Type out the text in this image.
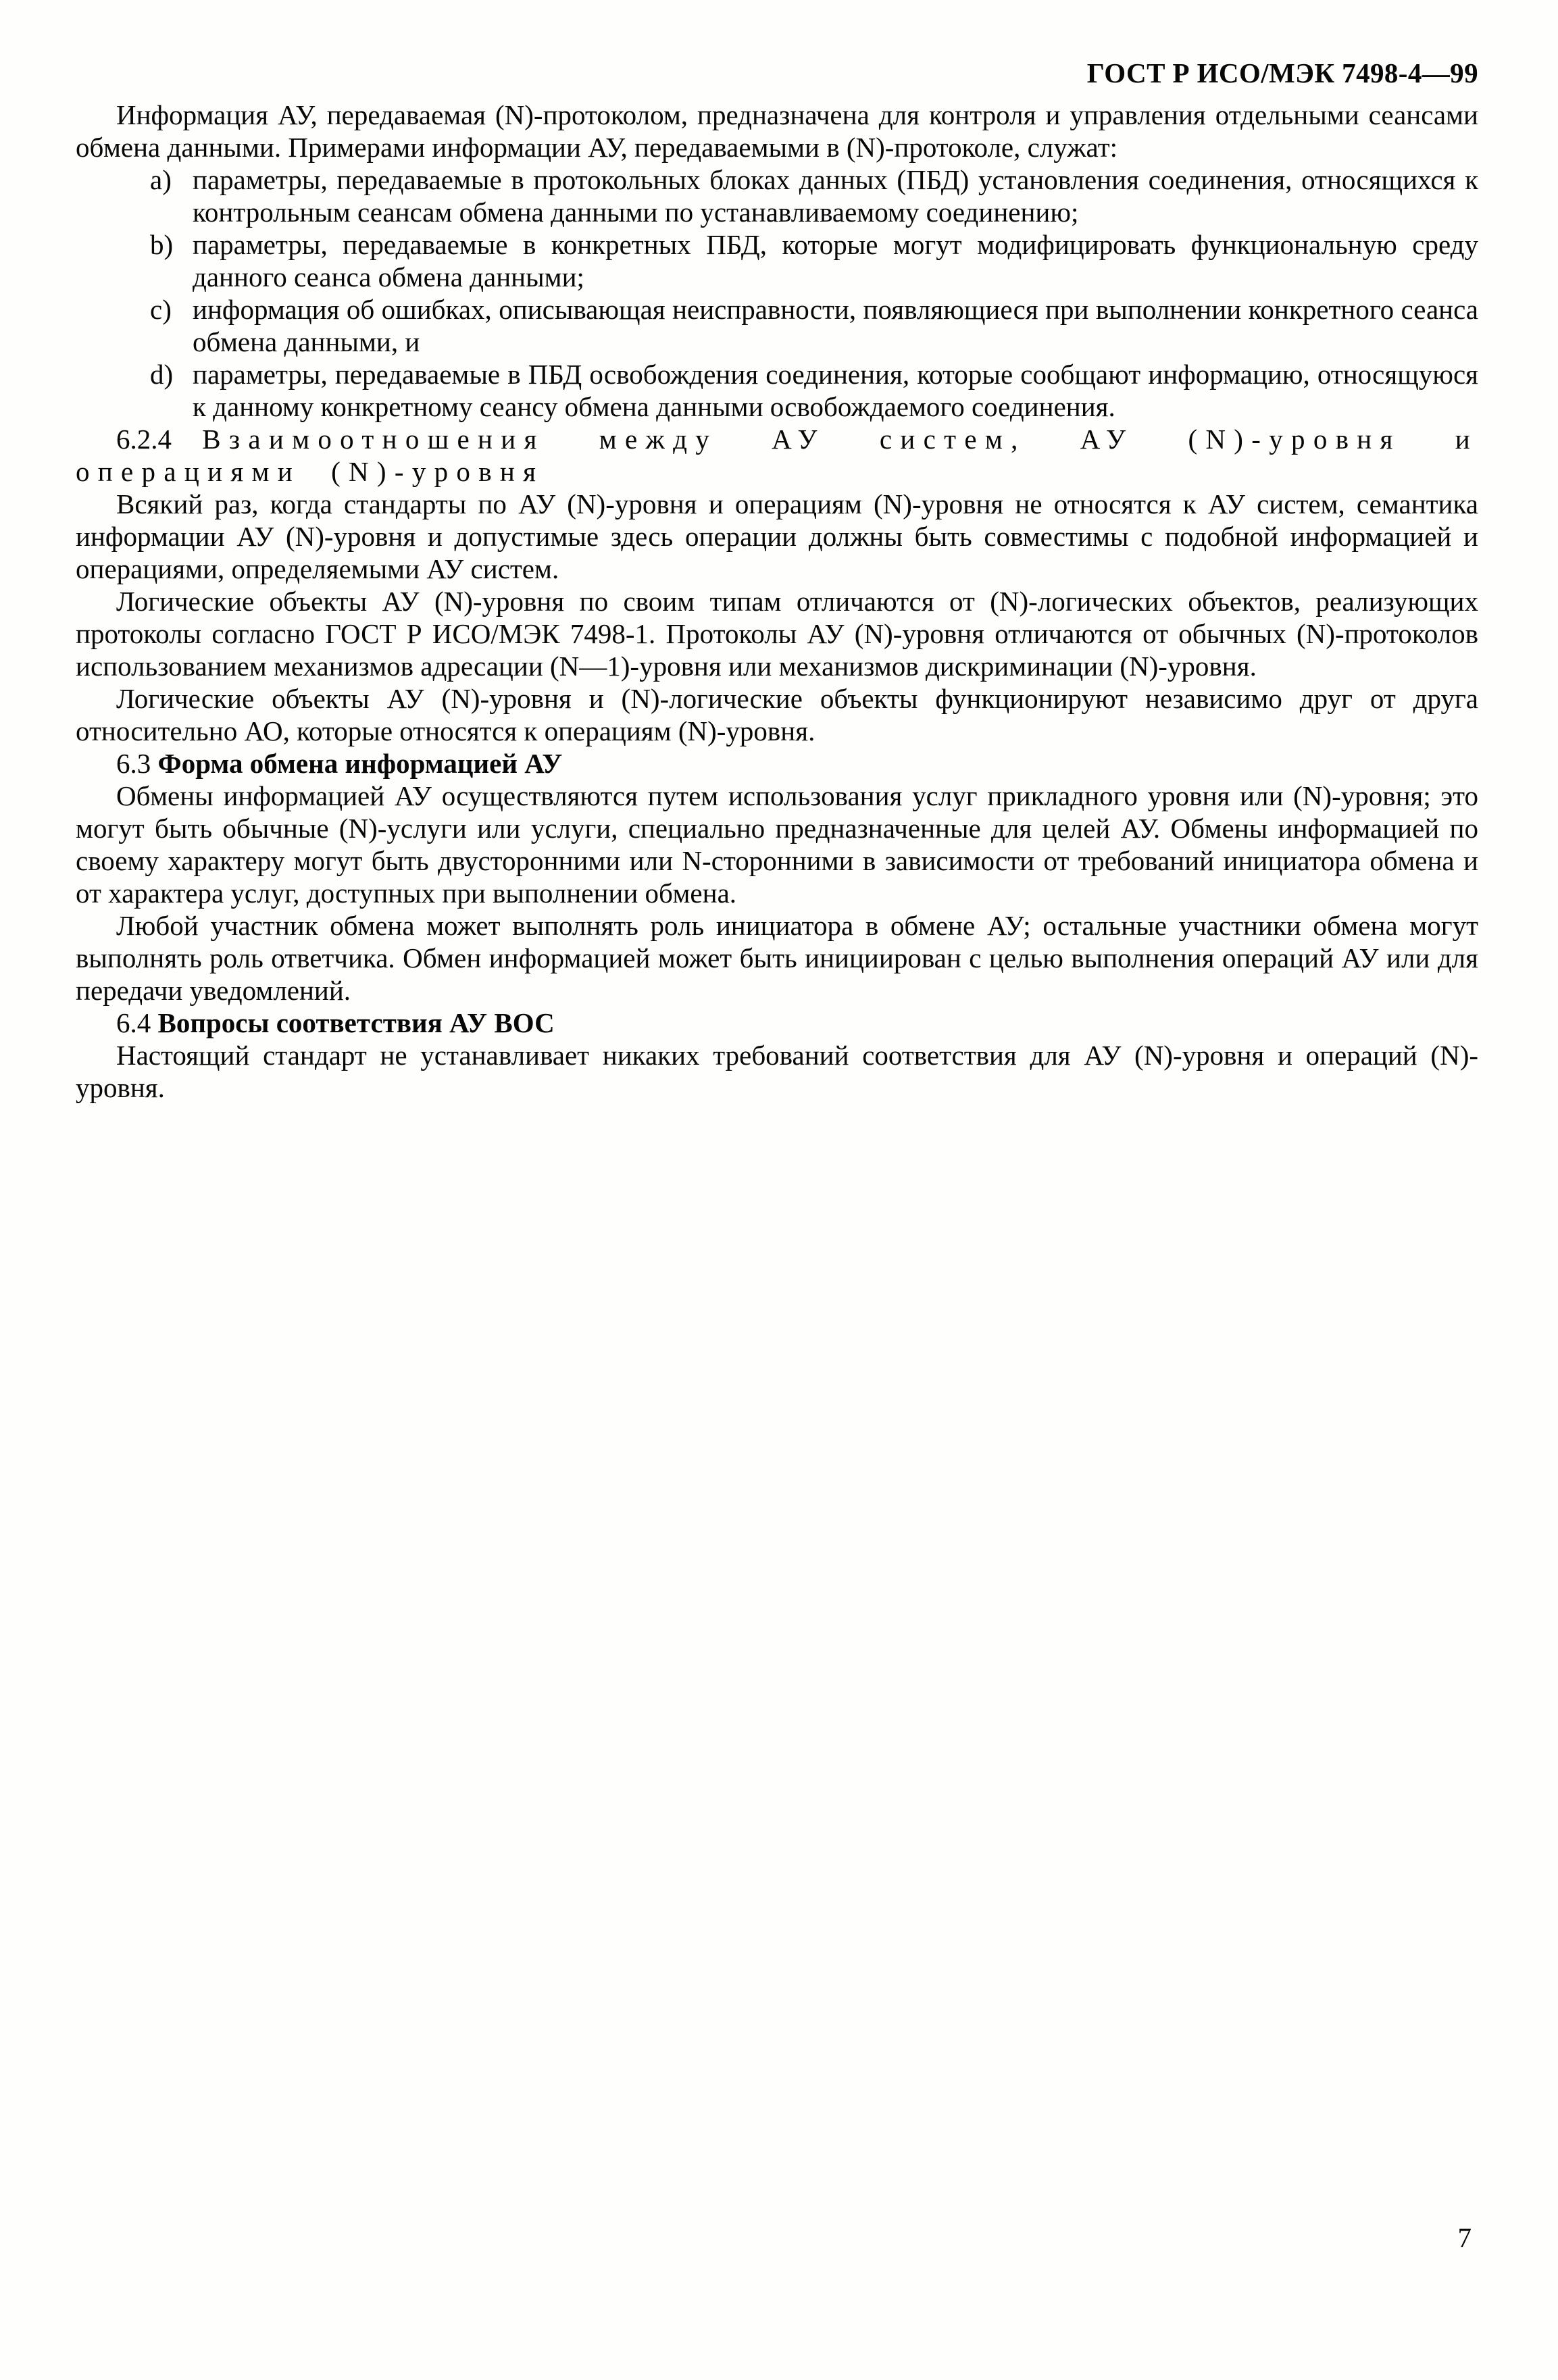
ГОСТ Р ИСО/МЭК 7498-4—99

Информация АУ, передаваемая (N)-протоколом, предназначена для контроля и управления отдельными сеансами обмена данными. Примерами информации АУ, передаваемыми в (N)-протоколе, служат:

a) параметры, передаваемые в протокольных блоках данных (ПБД) установления соединения, относящихся к контрольным сеансам обмена данными по устанавливаемому соединению;
b) параметры, передаваемые в конкретных ПБД, которые могут модифицировать функциональную среду данного сеанса обмена данными;
c) информация об ошибках, описывающая неисправности, появляющиеся при выполнении конкретного сеанса обмена данными, и
d) параметры, передаваемые в ПБД освобождения соединения, которые сообщают информацию, относящуюся к данному конкретному сеансу обмена данными освобождаемого соединения.

6.2.4 Взаимоотношения между АУ систем, АУ (N)-уровня и операциями (N)-уровня

Всякий раз, когда стандарты по АУ (N)-уровня и операциям (N)-уровня не относятся к АУ систем, семантика информации АУ (N)-уровня и допустимые здесь операции должны быть совместимы с подобной информацией и операциями, определяемыми АУ систем.

Логические объекты АУ (N)-уровня по своим типам отличаются от (N)-логических объектов, реализующих протоколы согласно ГОСТ Р ИСО/МЭК 7498-1. Протоколы АУ (N)-уровня отличаются от обычных (N)-протоколов использованием механизмов адресации (N—1)-уровня или механизмов дискриминации (N)-уровня.

Логические объекты АУ (N)-уровня и (N)-логические объекты функционируют независимо друг от друга относительно АО, которые относятся к операциям (N)-уровня.

6.3 Форма обмена информацией АУ

Обмены информацией АУ осуществляются путем использования услуг прикладного уровня или (N)-уровня; это могут быть обычные (N)-услуги или услуги, специально предназначенные для целей АУ. Обмены информацией по своему характеру могут быть двусторонними или N-сторонними в зависимости от требований инициатора обмена и от характера услуг, доступных при выполнении обмена.

Любой участник обмена может выполнять роль инициатора в обмене АУ; остальные участники обмена могут выполнять роль ответчика. Обмен информацией может быть инициирован с целью выполнения операций АУ или для передачи уведомлений.

6.4 Вопросы соответствия АУ ВОС

Настоящий стандарт не устанавливает никаких требований соответствия для АУ (N)-уровня и операций (N)-уровня.

7
